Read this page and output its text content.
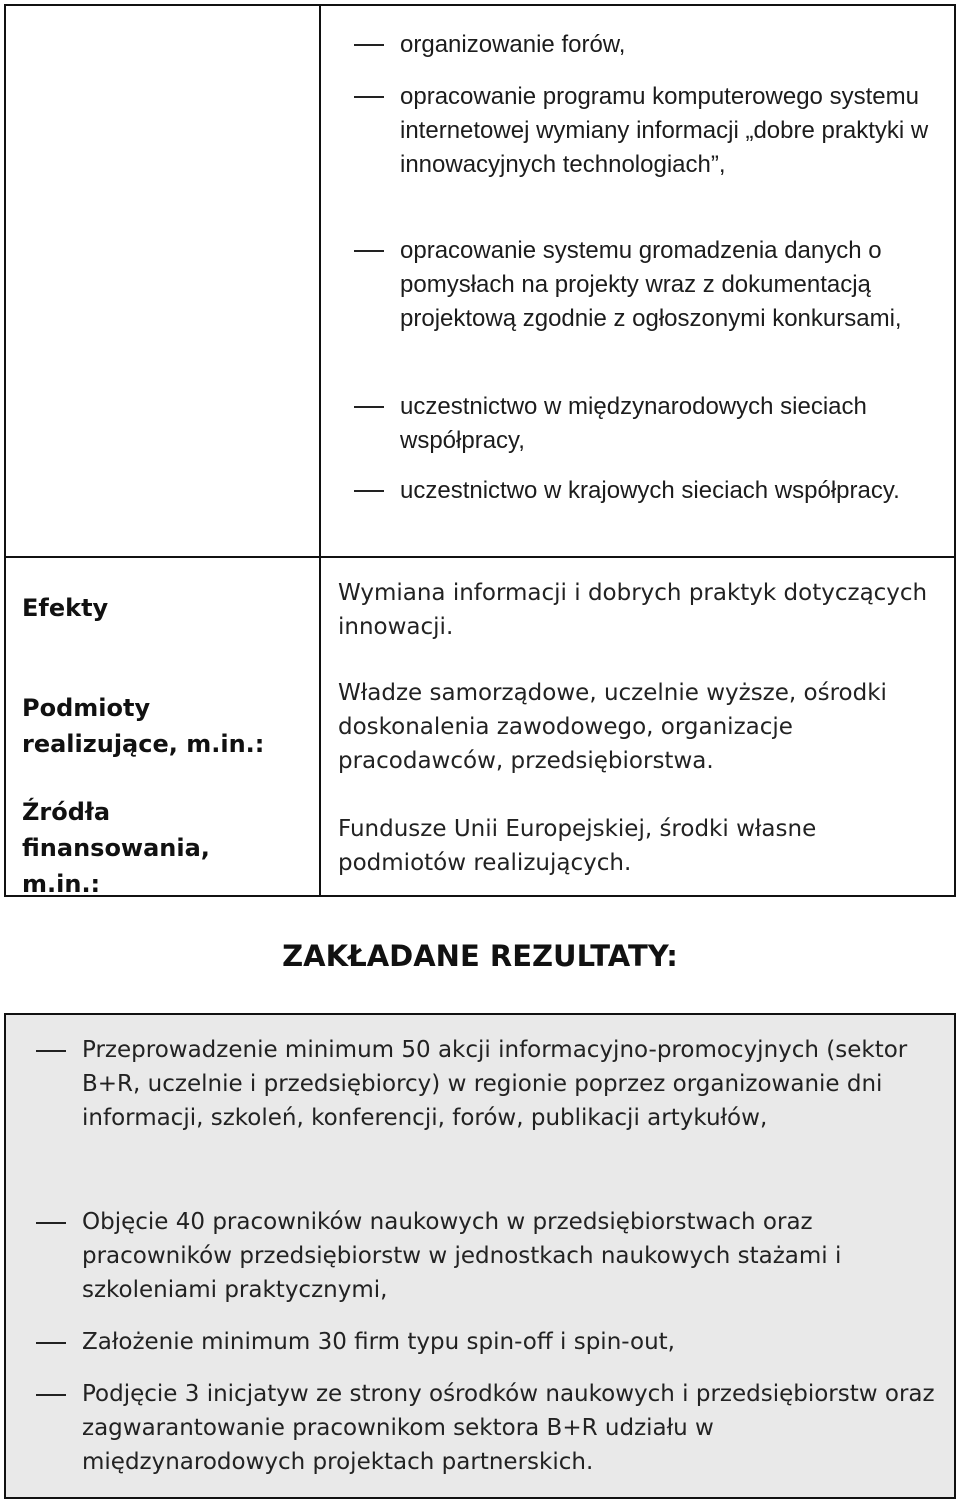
organizowanie forów,
opracowanie programu komputerowego systemu internetowej wymiany informacji „dobre praktyki w innowacyjnych technologiach”,
opracowanie systemu gromadzenia danych o pomysłach na projekty wraz z dokumentacją projektową zgodnie z ogłoszonymi konkursami,
uczestnictwo w międzynarodowych sieciach współpracy,
uczestnictwo w krajowych sieciach współpracy.
Efekty
Wymiana informacji i dobrych praktyk dotyczących innowacji.
Podmioty realizujące, m.in.:
Władze samorządowe, uczelnie wyższe, ośrodki doskonalenia zawodowego, organizacje pracodawców, przedsiębiorstwa.
Źródła finansowania, m.in.:
Fundusze Unii Europejskiej, środki własne podmiotów realizujących.
ZAKŁADANE REZULTATY:
Przeprowadzenie minimum 50 akcji informacyjno-promocyjnych (sektor B+R, uczelnie i przedsiębiorcy) w regionie poprzez organizowanie dni informacji, szkoleń, konferencji, forów, publikacji artykułów,
Objęcie 40 pracowników naukowych w przedsiębiorstwach oraz pracowników przedsiębiorstw w jednostkach naukowych stażami i szkoleniami praktycznymi,
Założenie minimum 30 firm typu spin-off i spin-out,
Podjęcie 3 inicjatyw ze strony ośrodków naukowych i przedsiębiorstw oraz zagwarantowanie pracownikom sektora B+R udziału w międzynarodowych projektach partnerskich.
